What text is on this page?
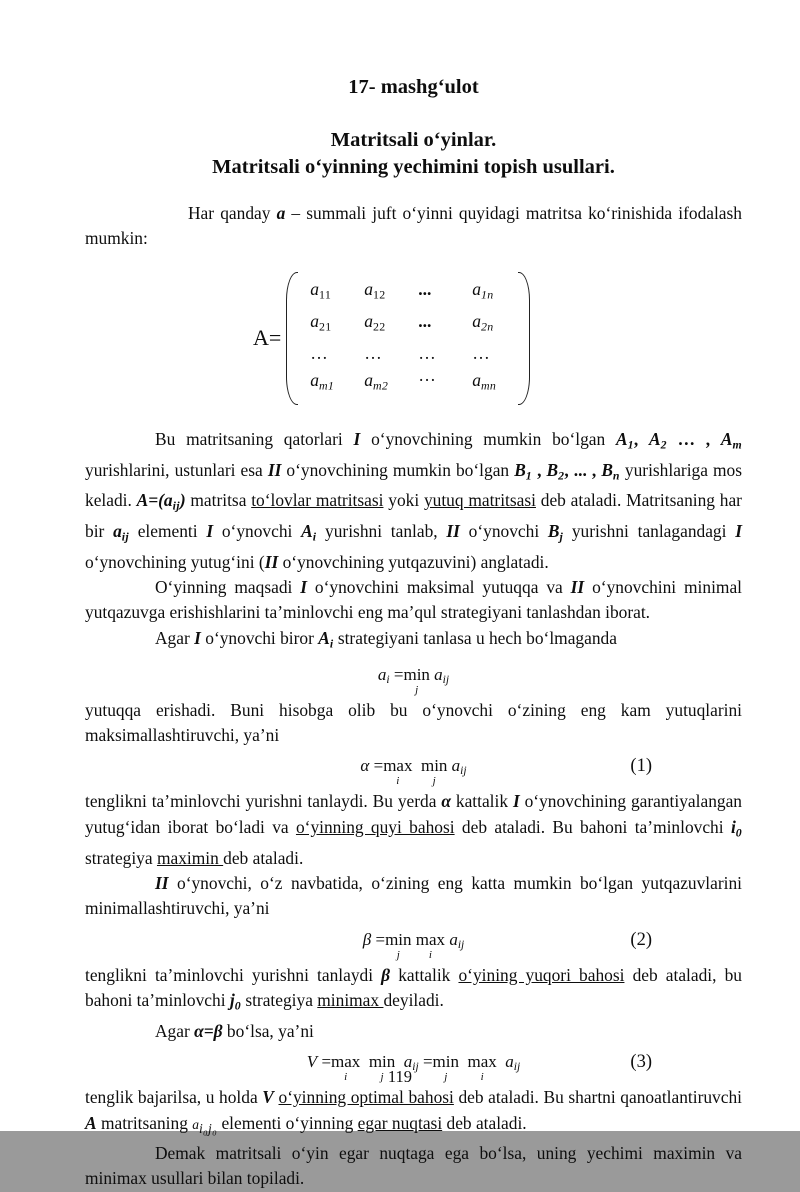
17- mashg‘ulot
Matritsali o‘yinlar.
Matritsali o‘yinning yechimini topish usullari.

Har qanday a – summali juft o‘yinni quyidagi matritsa ko‘rinishida ifodalash mumkin:

A=
$a_{11}$	$a_{12}$	...	$a_{1n}$
$a_{21}$	$a_{22}$	...	$a_{2n}$
…	…	…	…
$a_{m1}$	$a_{m2}$	···	$a_{mn}$

Bu matritsaning qatorlari I o‘ynovchining mumkin bo‘lgan $A_1$, $A_2$ … , $A_m$ yurishlarini, ustunlari esa II o‘ynovchining mumkin bo‘lgan $B_1$ , $B_2$, ... , $B_n$ yurishlariga mos keladi. $A=(a_{ij})$ matritsa to‘lovlar matritsasi yoki yutuq matritsasi deb ataladi. Matritsaning har bir $a_{ij}$ elementi I o‘ynovchi $A_i$ yurishni tanlab, II o‘ynovchi $B_j$ yurishni tanlagandagi I o‘ynovchining yutug‘ini (II o‘ynovchining yutqazuvini) anglatadi.

O‘yinning maqsadi I o‘ynovchini maksimal yutuqqa va II o‘ynovchini minimal yutqazuvga erishishlarini ta’minlovchi eng ma’qul strategiyani tanlashdan iborat.

Agar I o‘ynovchi biror $A_i$ strategiyani tanlasa u hech bo‘lmaganda

$a_i = \min$
j
$a_{ij}$

yutuqqa erishadi. Buni hisobga olib bu o‘ynovchi o‘zining eng kam yutuqlarini maksimallashtiruvchi, ya’ni

α = max
i

min
j
$a_{ij}$	(1)

tenglikni ta’minlovchi yurishni tanlaydi. Bu yerda α kattalik I o‘ynovchining garantiyalangan yutug‘idan iborat bo‘ladi va o‘yinning quyi bahosi deb ataladi. Bu bahoni ta’minlovchi $i_0$ strategiya maximin deb ataladi.

II o‘ynovchi, o‘z navbatida, o‘zining eng katta mumkin bo‘lgan yutqazuvlarini minimallashtiruvchi, ya’ni

β = min
j

max
i
$a_{ij}$	(2)

tenglikni ta’minlovchi yurishni tanlaydi β kattalik o‘yining yuqori bahosi deb ataladi, bu bahoni ta’minlovchi $j_0$ strategiya minimax deyiladi.

Agar α=β bo‘lsa, ya’ni

V = max
i

min
j
$a_{ij} = \min$
j

max
i
$a_{ij}$	(3)

tenglik bajarilsa, u holda V o‘yinning optimal bahosi deb ataladi. Bu shartni qanoatlantiruvchi A matritsaning $a_{i_0j_0}$ elementi o‘yinning egar nuqtasi deb ataladi.

Demak matritsali o‘yin egar nuqtaga ega bo‘lsa, uning yechimi maximin va minimax usullari bilan topiladi.

119
